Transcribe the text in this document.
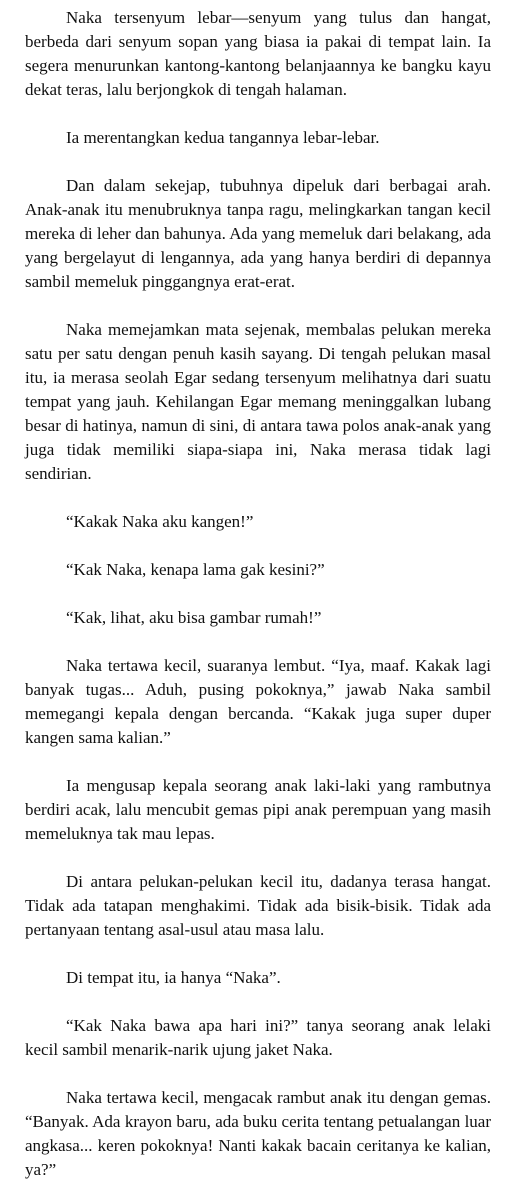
Naka tersenyum lebar—senyum yang tulus dan hangat, berbeda dari senyum sopan yang biasa ia pakai di tempat lain. Ia segera menurunkan kantong-kantong belanjaannya ke bangku kayu dekat teras, lalu berjongkok di tengah halaman.

Ia merentangkan kedua tangannya lebar-lebar.

Dan dalam sekejap, tubuhnya dipeluk dari berbagai arah. Anak-anak itu menubruknya tanpa ragu, melingkarkan tangan kecil mereka di leher dan bahunya. Ada yang memeluk dari belakang, ada yang bergelayut di lengannya, ada yang hanya berdiri di depannya sambil memeluk pinggangnya erat-erat.

Naka memejamkan mata sejenak, membalas pelukan mereka satu per satu dengan penuh kasih sayang. Di tengah pelukan masal itu, ia merasa seolah Egar sedang tersenyum melihatnya dari suatu tempat yang jauh. Kehilangan Egar memang meninggalkan lubang besar di hatinya, namun di sini, di antara tawa polos anak-anak yang juga tidak memiliki siapa-siapa ini, Naka merasa tidak lagi sendirian.

“Kakak Naka aku kangen!”

“Kak Naka, kenapa lama gak kesini?”

“Kak, lihat, aku bisa gambar rumah!”

Naka tertawa kecil, suaranya lembut. “Iya, maaf. Kakak lagi banyak tugas... Aduh, pusing pokoknya,” jawab Naka sambil memegangi kepala dengan bercanda. “Kakak juga super duper kangen sama kalian.”

Ia mengusap kepala seorang anak laki-laki yang rambutnya berdiri acak, lalu mencubit gemas pipi anak perempuan yang masih memeluknya tak mau lepas.

Di antara pelukan-pelukan kecil itu, dadanya terasa hangat. Tidak ada tatapan menghakimi. Tidak ada bisik-bisik. Tidak ada pertanyaan tentang asal-usul atau masa lalu.

Di tempat itu, ia hanya “Naka”.

“Kak Naka bawa apa hari ini?” tanya seorang anak lelaki kecil sambil menarik-narik ujung jaket Naka.

Naka tertawa kecil, mengacak rambut anak itu dengan gemas. “Banyak. Ada krayon baru, ada buku cerita tentang petualangan luar angkasa... keren pokoknya! Nanti kakak bacain ceritanya ke kalian, ya?”
